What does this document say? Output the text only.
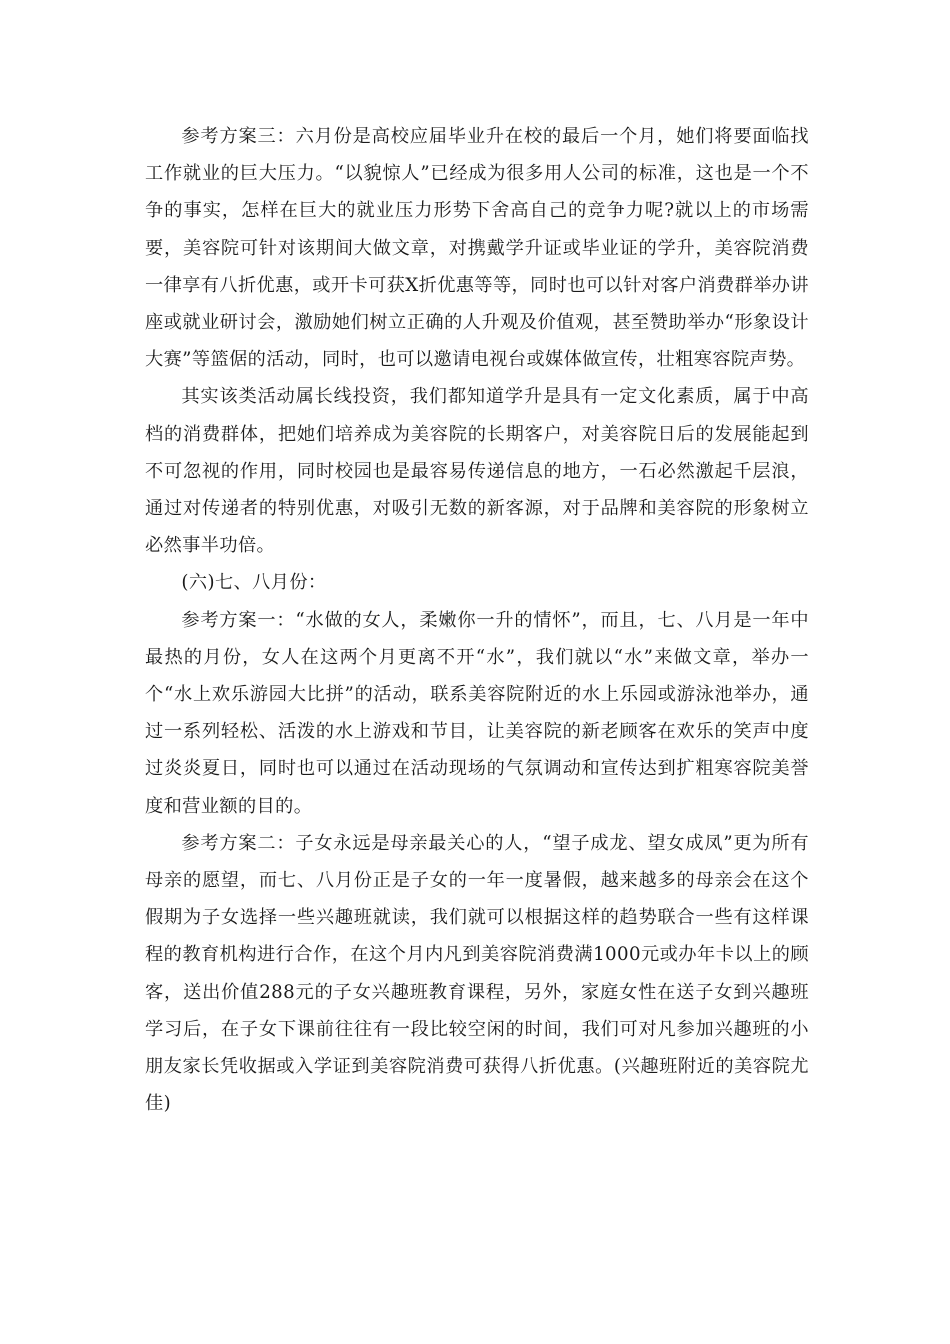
参考方案三：六月份是高校应届毕业升在校的最后一个月，她们将要面临找工作就业的巨大压力。“以貌惊人”已经成为很多用人公司的标准，这也是一个不争的事实，怎样在巨大的就业压力形势下舍高自己的竞争力呢?就以上的市场需要，美容院可针对该期间大做文章，对携戴学升证或毕业证的学升，美容院消费一律享有八折优惠，或开卡可获X折优惠等等，同时也可以针对客户消费群举办讲座或就业研讨会，激励她们树立正确的人升观及价值观，甚至赞助举办“形象设计大赛”等篮倨的活动，同时，也可以邀请电视台或媒体做宣传，壮粗寒容院声势。

其实该类活动属长线投资，我们都知道学升是具有一定文化素质，属于中高档的消费群体，把她们培养成为美容院的长期客户，对美容院日后的发展能起到不可忽视的作用，同时校园也是最容易传递信息的地方，一石必然激起千层浪，通过对传递者的特别优惠，对吸引无数的新客源，对于品牌和美容院的形象树立必然事半功倍。

(六)七、八月份：

参考方案一：“水做的女人，柔嫩你一升的情怀”，而且，七、八月是一年中最热的月份，女人在这两个月更离不开“水”，我们就以“水”来做文章，举办一个“水上欢乐游园大比拼”的活动，联系美容院附近的水上乐园或游泳池举办，通过一系列轻松、活泼的水上游戏和节目，让美容院的新老顾客在欢乐的笑声中度过炎炎夏日，同时也可以通过在活动现场的气氛调动和宣传达到扩粗寒容院美誉度和营业额的目的。

参考方案二：子女永远是母亲最关心的人，“望子成龙、望女成凤”更为所有母亲的愿望，而七、八月份正是子女的一年一度暑假，越来越多的母亲会在这个假期为子女选择一些兴趣班就读，我们就可以根据这样的趋势联合一些有这样课程的教育机构进行合作，在这个月内凡到美容院消费满1000元或办年卡以上的顾客，送出价值288元的子女兴趣班教育课程，另外，家庭女性在送子女到兴趣班学习后，在子女下课前往往有一段比较空闲的时间，我们可对凡参加兴趣班的小朋友家长凭收据或入学证到美容院消费可获得八折优惠。(兴趣班附近的美容院尤佳)
